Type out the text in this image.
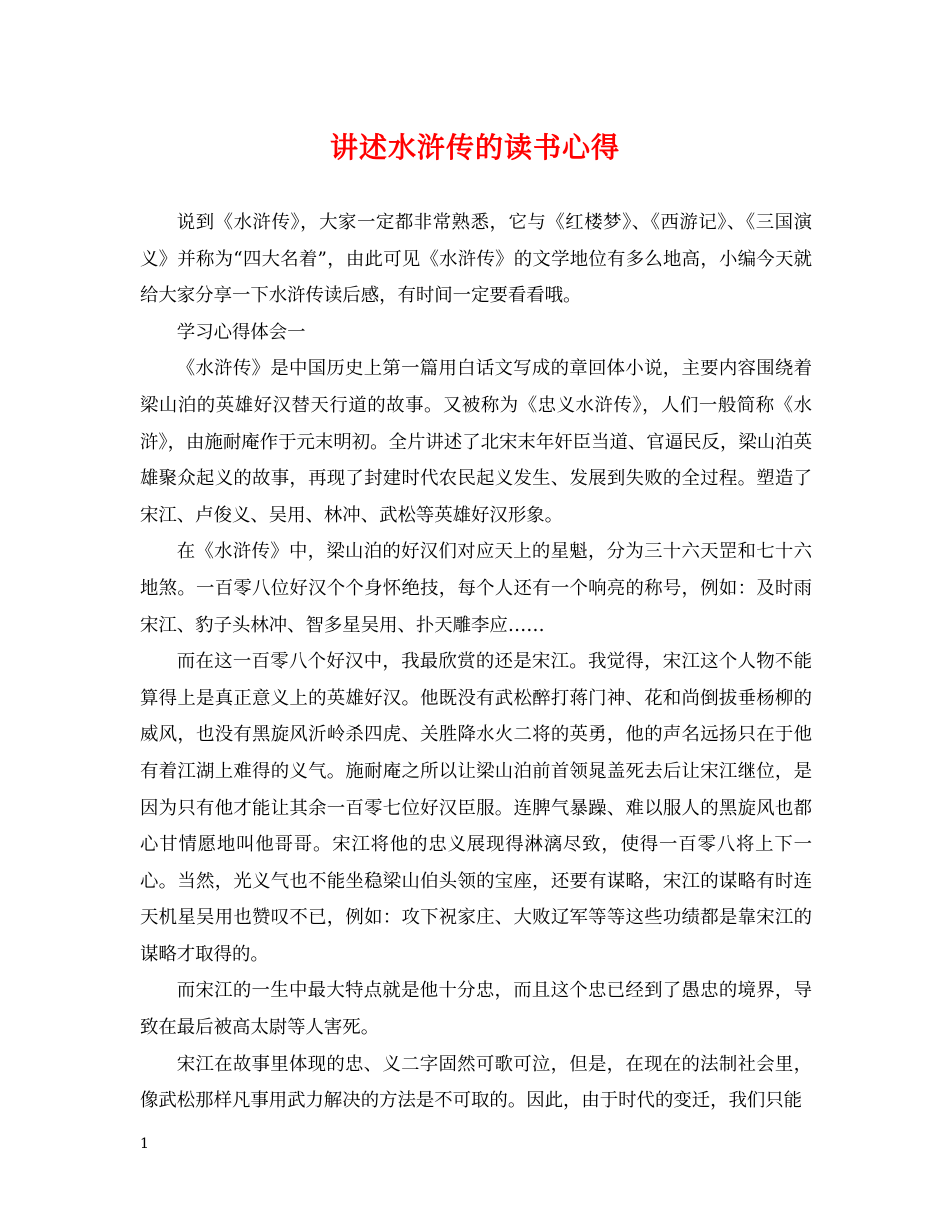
讲述水浒传的读书心得

说到《水浒传》，大家一定都非常熟悉，它与《红楼梦》、《西游记》、《三国演义》并称为“四大名着”，由此可见《水浒传》的文学地位有多么地高，小编今天就给大家分享一下水浒传读后感，有时间一定要看看哦。

学习心得体会一

《水浒传》是中国历史上第一篇用白话文写成的章回体小说，主要内容围绕着梁山泊的英雄好汉替天行道的故事。又被称为《忠义水浒传》，人们一般简称《水浒》，由施耐庵作于元末明初。全片讲述了北宋末年奸臣当道、官逼民反，梁山泊英雄聚众起义的故事，再现了封建时代农民起义发生、发展到失败的全过程。塑造了宋江、卢俊义、吴用、林冲、武松等英雄好汉形象。

在《水浒传》中，梁山泊的好汉们对应天上的星魁，分为三十六天罡和七十六地煞。一百零八位好汉个个身怀绝技，每个人还有一个响亮的称号，例如：及时雨宋江、豹子头林冲、智多星吴用、扑天雕李应……

而在这一百零八个好汉中，我最欣赏的还是宋江。我觉得，宋江这个人物不能算得上是真正意义上的英雄好汉。他既没有武松醉打蒋门神、花和尚倒拔垂杨柳的威风，也没有黑旋风沂岭杀四虎、关胜降水火二将的英勇，他的声名远扬只在于他有着江湖上难得的义气。施耐庵之所以让梁山泊前首领晁盖死去后让宋江继位，是因为只有他才能让其余一百零七位好汉臣服。连脾气暴躁、难以服人的黑旋风也都心甘情愿地叫他哥哥。宋江将他的忠义展现得淋漓尽致，使得一百零八将上下一心。当然，光义气也不能坐稳梁山伯头领的宝座，还要有谋略，宋江的谋略有时连天机星吴用也赞叹不已，例如：攻下祝家庄、大败辽军等等这些功绩都是靠宋江的谋略才取得的。

而宋江的一生中最大特点就是他十分忠，而且这个忠已经到了愚忠的境界，导致在最后被高太尉等人害死。

宋江在故事里体现的忠、义二字固然可歌可泣，但是，在现在的法制社会里，像武松那样凡事用武力解决的方法是不可取的。因此，由于时代的变迁，我们只能

1
